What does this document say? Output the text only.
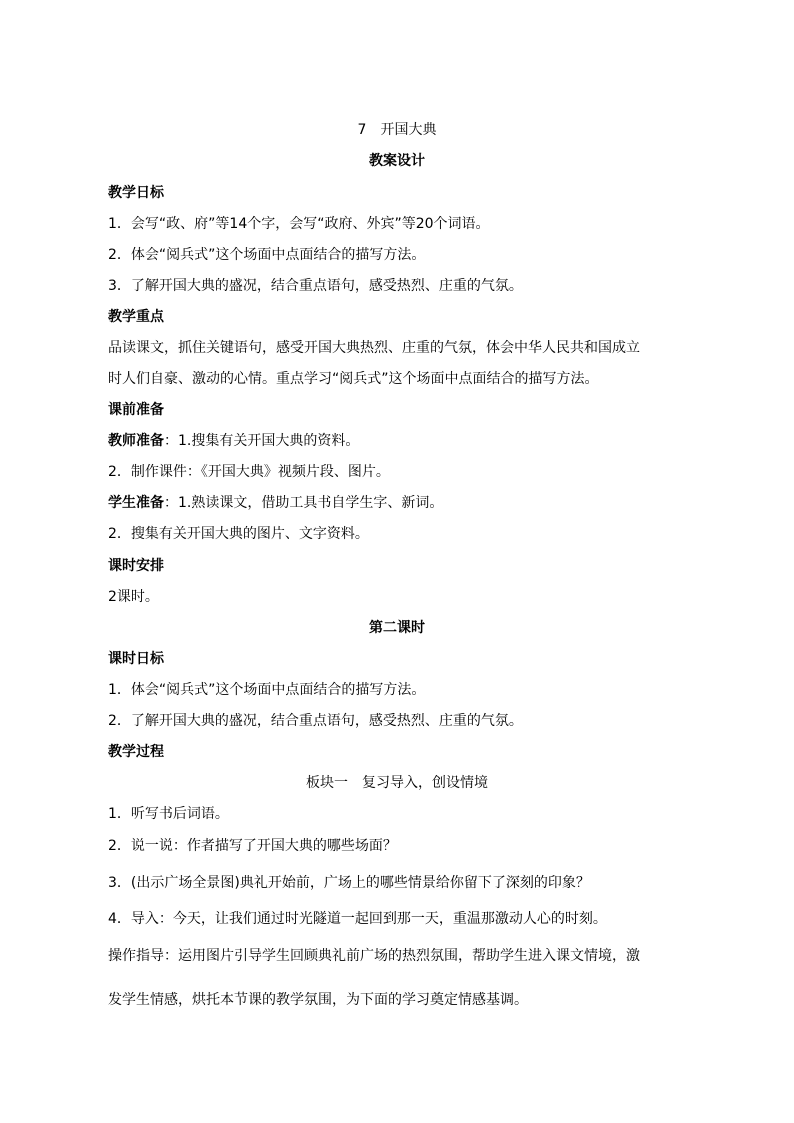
7　开国大典
教案设计
教学日标
1．会写“政、府”等14个字，会写“政府、外宾”等20个词语。
2．体会“阅兵式”这个场面中点面结合的描写方法。
3．了解开国大典的盛况，结合重点语句，感受热烈、庄重的气氛。
教学重点
品读课文，抓住关键语句，感受开国大典热烈、庄重的气氛，体会中华人民共和国成立
时人们自豪、激动的心情。重点学习“阅兵式”这个场面中点面结合的描写方法。
课前准备
教师准备：1.搜集有关开国大典的资料。
2．制作课件：《开国大典》视频片段、图片。
学生准备：1.熟读课文，借助工具书自学生字、新词。
2．搜集有关开国大典的图片、文字资料。
课时安排
2课时。
第二课时
课时日标
1．体会“阅兵式”这个场面中点面结合的描写方法。
2．了解开国大典的盛况，结合重点语句，感受热烈、庄重的气氛。
教学过程
板块一　复习导入，创设情境
1．听写书后词语。
2．说一说：作者描写了开国大典的哪些场面？
3．(出示广场全景图)典礼开始前，广场上的哪些情景给你留下了深刻的印象？
4．导入：今天，让我们通过时光隧道一起回到那一天，重温那激动人心的时刻。
操作指导：运用图片引导学生回顾典礼前广场的热烈氛围，帮助学生进入课文情境，激
发学生情感，烘托本节课的教学氛围，为下面的学习奠定情感基调。
